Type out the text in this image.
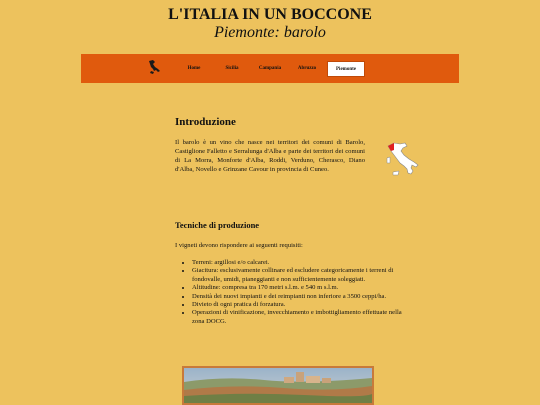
L'ITALIA IN UN BOCCONE
Piemonte: barolo
Home	Sicilia	Campania	Abruzzo	Piemonte
Introduzione

Il barolo è un vino che nasce nei territori dei comuni di Barolo, Castiglione Falletto e Serralunga d'Alba e parte dei territori dei comuni di La Morra, Monforte d'Alba, Roddi, Verduno, Cherasco, Diano d'Alba, Novello e Grinzane Cavour in provincia di Cuneo.

Tecniche di produzione

I vigneti devono rispondere ai seguenti requisiti:

• Terreni: argillosi e/o calcarei.
• Giacitura: esclusivamente collinare ed escludere categoricamente i terreni di fondovalle, umidi, pianeggianti e non sufficientemente soleggiati.
• Altitudine: compresa tra 170 metri s.l.m. e 540 m s.l.m.
• Densità dei nuovi impianti e dei reimpianti non inferiore a 3500 ceppi/ha.
• Divieto di ogni pratica di forzatura.
• Operazioni di vinificazione, invecchiamento e imbottigliamento effettuate nella zona DOCG.
